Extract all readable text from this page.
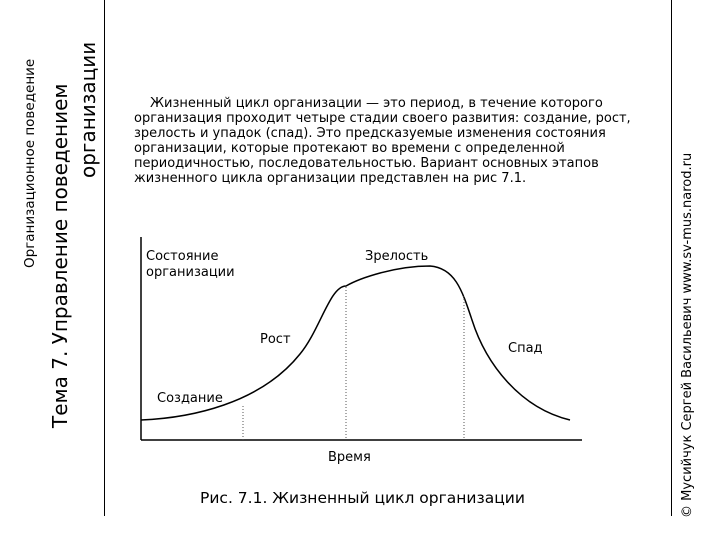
Организационное поведение Тема 7. Управление поведением организации
© Мусийчук Сергей Васильевич www.sv-mus.narod.ru
Жизненный цикл организации — это период, в течение которого организация проходит четыре стадии своего развития: создание, рост, зрелость и упадок (спад). Это предсказуемые изменения состояния организации, которые протекают во времени с определенной периодичностью, последовательностью. Вариант основных этапов жизненного цикла организации представлен на рис 7.1.
Состояние
организации
Зрелость
Рост
Спад
Создание
Время
Рис. 7.1. Жизненный цикл организации
